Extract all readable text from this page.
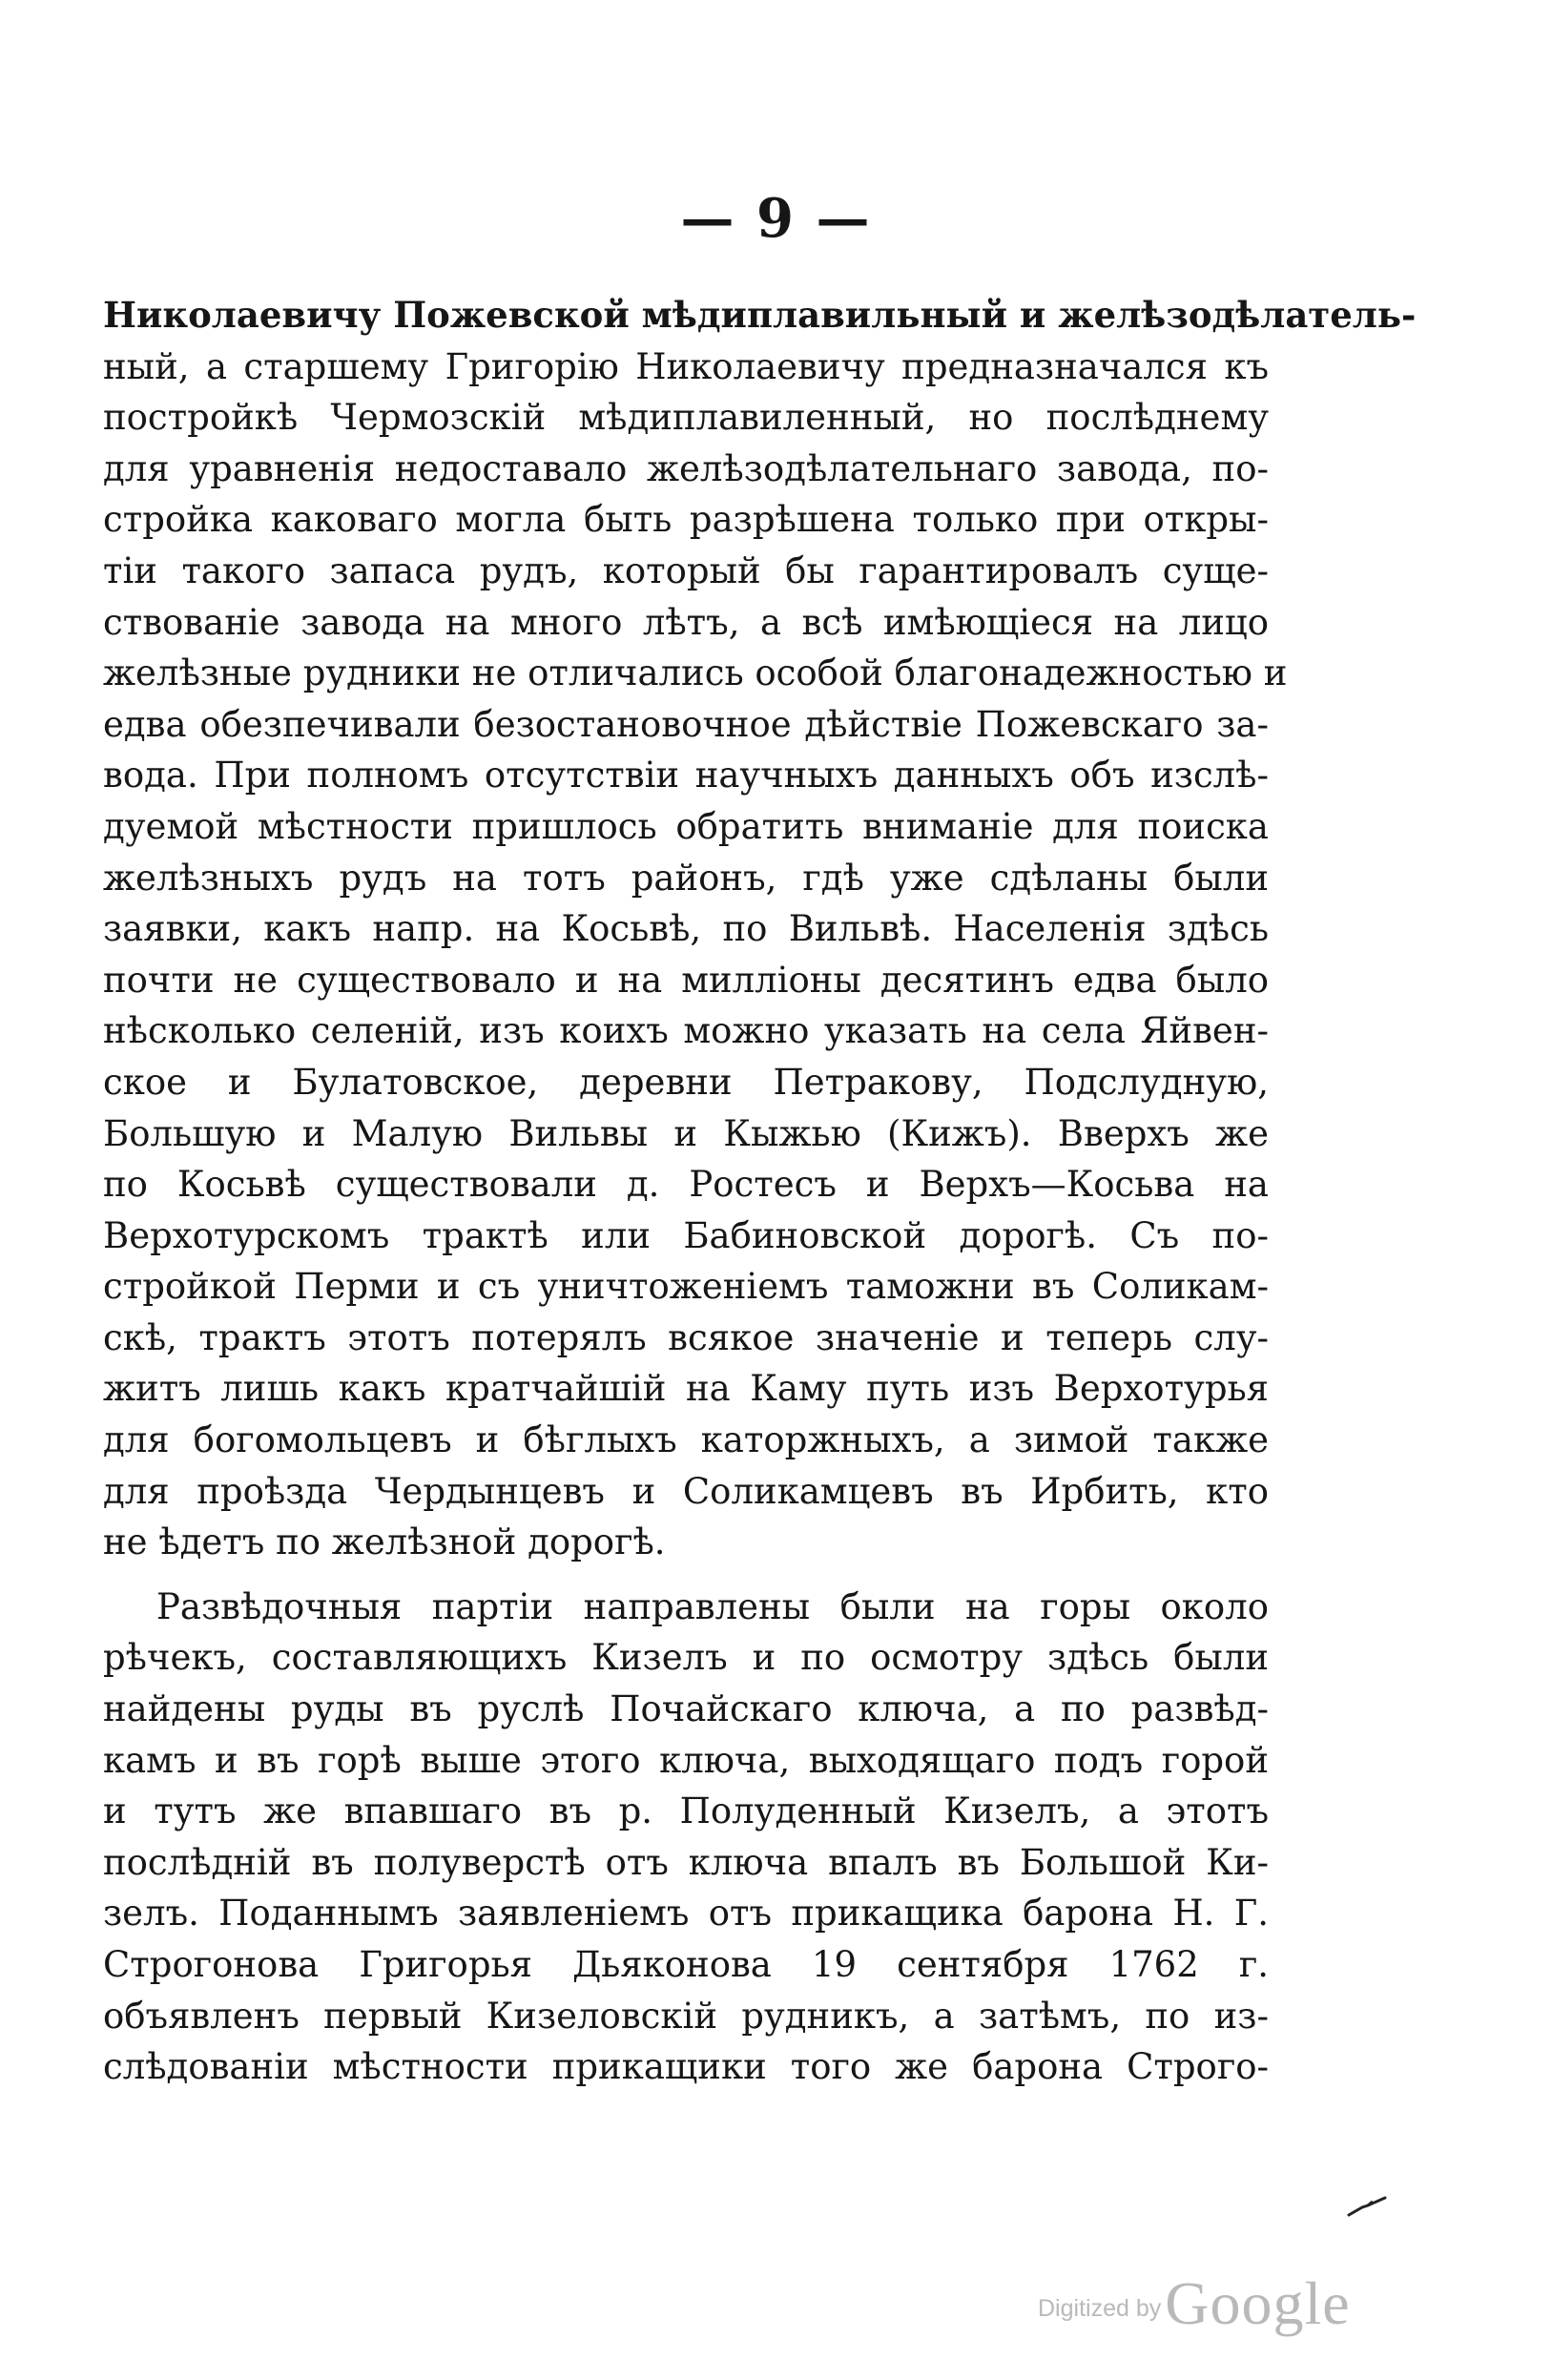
— 9 —
Николаевичу Пожевской мѣдиплавильный и желѣзодѣлатель-
ный, а старшему Григорію Николаевичу предназначался къ
постройкѣ Чермозскій мѣдиплавиленный, но послѣднему
для уравненія недоставало желѣзодѣлательнаго завода, по-
стройка каковаго могла быть разрѣшена только при откры-
тіи такого запаса рудъ, который бы гарантировалъ суще-
ствованіе завода на много лѣтъ, а всѣ имѣющіеся на лицо
желѣзные рудники не отличались особой благонадежностью и
едва обезпечивали безостановочное дѣйствіе Пожевскаго за-
вода. При полномъ отсутствіи научныхъ данныхъ объ изслѣ-
дуемой мѣстности пришлось обратить вниманіе для поиска
желѣзныхъ рудъ на тотъ районъ, гдѣ уже сдѣланы были
заявки, какъ напр. на Косьвѣ, по Вильвѣ. Населенія здѣсь
почти не существовало и на милліоны десятинъ едва было
нѣсколько селеній, изъ коихъ можно указать на села Яйвен-
ское и Булатовское, деревни Петракову, Подслудную,
Большую и Малую Вильвы и Кыжью (Кижъ). Вверхъ же
по Косьвѣ существовали д. Ростесъ и Верхъ—Косьва на
Верхотурскомъ трактѣ или Бабиновской дорогѣ. Съ по-
стройкой Перми и съ уничтоженіемъ таможни въ Соликам-
скѣ, трактъ этотъ потерялъ всякое значеніе и теперь слу-
житъ лишь какъ кратчайшій на Каму путь изъ Верхотурья
для богомольцевъ и бѣглыхъ каторжныхъ, а зимой также
для проѣзда Чердынцевъ и Соликамцевъ въ Ирбить, кто
не ѣдетъ по желѣзной дорогѣ.
Развѣдочныя партіи направлены были на горы около
рѣчекъ, составляющихъ Кизелъ и по осмотру здѣсь были
найдены руды въ руслѣ Почайскаго ключа, а по развѣд-
камъ и въ горѣ выше этого ключа, выходящаго подъ горой
и тутъ же впавшаго въ р. Полуденный Кизелъ, а этотъ
послѣдній въ полуверстѣ отъ ключа впалъ въ Большой Ки-
зелъ. Поданнымъ заявленіемъ отъ прикащика барона Н. Г.
Строгонова Григорья Дьяконова 19 сентября 1762 г.
объявленъ первый Кизеловскій рудникъ, а затѣмъ, по из-
слѣдованіи мѣстности прикащики того же барона Строго-
Digitized byGoogle
